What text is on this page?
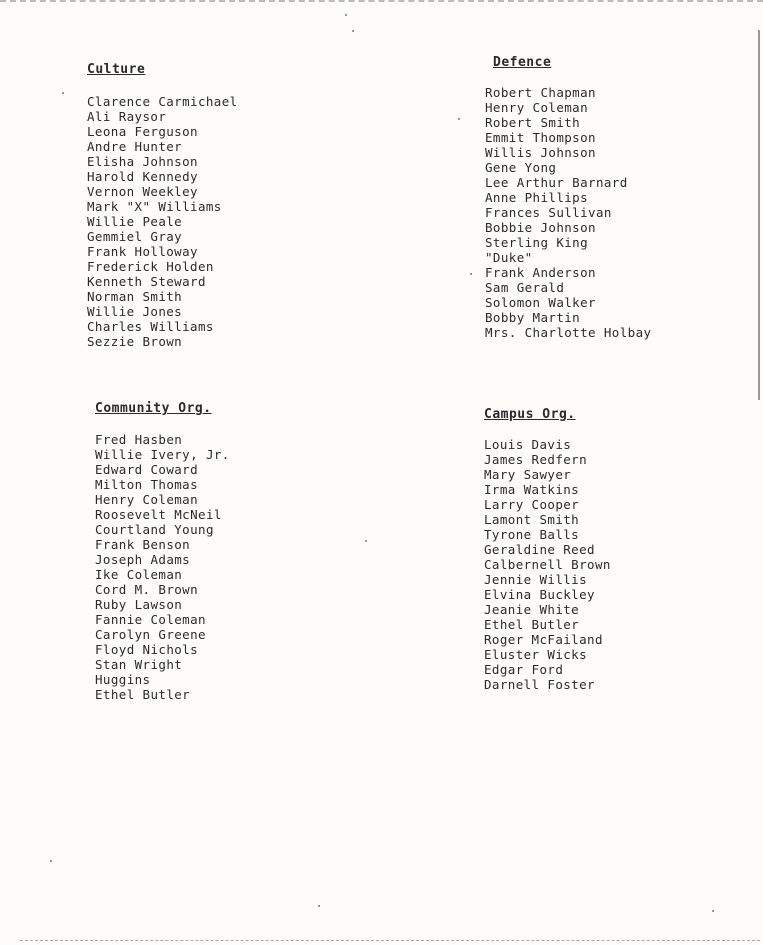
Culture
Clarence Carmichael
Ali Raysor
Leona Ferguson
Andre Hunter
Elisha Johnson
Harold Kennedy
Vernon Weekley
Mark "X" Williams
Willie Peale
Gemmiel Gray
Frank Holloway
Frederick Holden
Kenneth Steward
Norman Smith
Willie Jones
Charles Williams
Sezzie Brown
Defence
Robert Chapman
Henry Coleman
Robert Smith
Emmit Thompson
Willis Johnson
Gene Yong
Lee Arthur Barnard
Anne Phillips
Frances Sullivan
Bobbie Johnson
Sterling King
"Duke"
Frank Anderson
Sam Gerald
Solomon Walker
Bobby Martin
Mrs. Charlotte Holbay
Community Org.
Fred Hasben
Willie Ivery, Jr.
Edward Coward
Milton Thomas
Henry Coleman
Roosevelt McNeil
Courtland Young
Frank Benson
Joseph Adams
Ike Coleman
Cord M. Brown
Ruby Lawson
Fannie Coleman
Carolyn Greene
Floyd Nichols
Stan Wright
Huggins
Ethel Butler
Campus Org.
Louis Davis
James Redfern
Mary Sawyer
Irma Watkins
Larry Cooper
Lamont Smith
Tyrone Balls
Geraldine Reed
Calbernell Brown
Jennie Willis
Elvina Buckley
Jeanie White
Ethel Butler
Roger McFailand
Eluster Wicks
Edgar Ford
Darnell Foster
